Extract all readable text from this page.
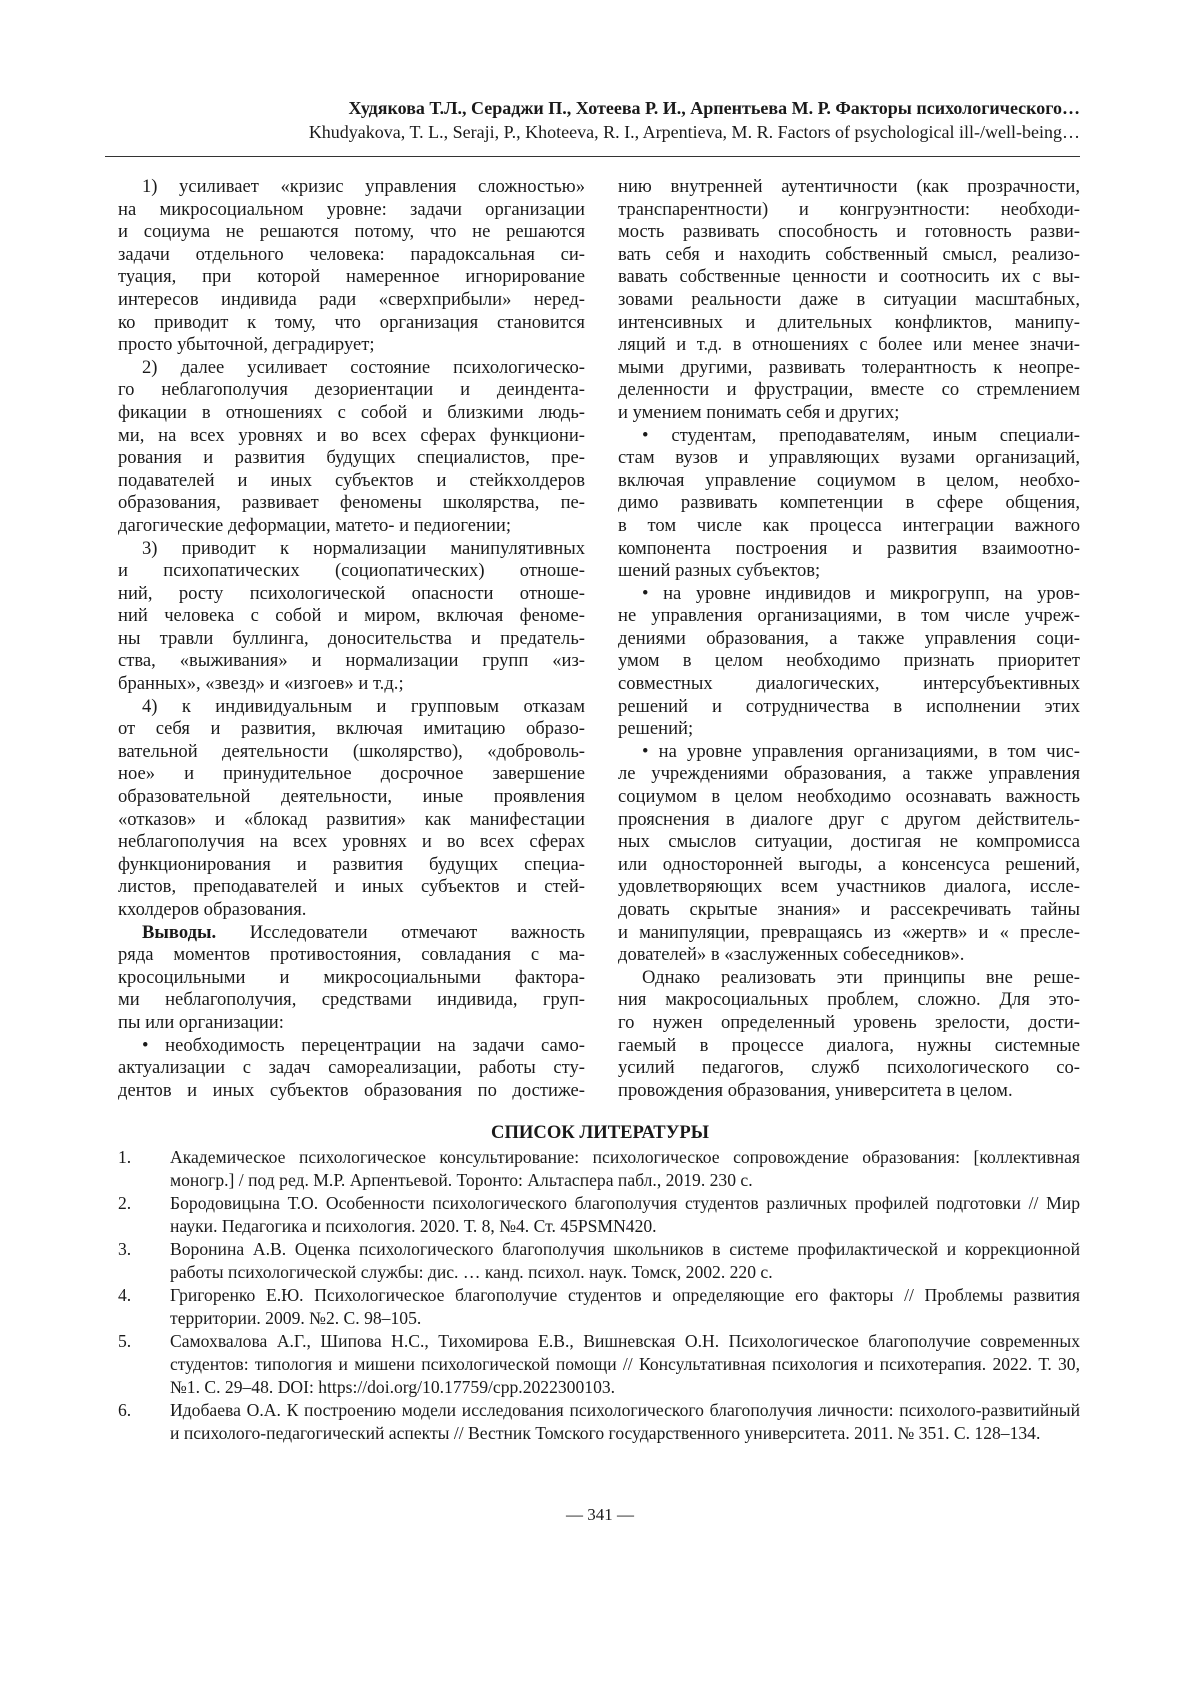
Худякова Т.Л., Сераджи П., Хотеева Р. И., Арпентьева М. Р. Факторы психологического…
Khudyakova, T. L., Seraji, P., Khoteeva, R. I., Arpentieva, M. R. Factors of psychological ill-/well-being…
1) усиливает «кризис управления сложностью»
на микросоциальном уровне: задачи организации
и социума не решаются потому, что не решаются
задачи отдельного человека: парадоксальная си-
туация, при которой намеренное игнорирование
интересов индивида ради «сверхприбыли» неред-
ко приводит к тому, что организация становится
просто убыточной, деградирует;
2) далее усиливает состояние психологическо-
го неблагополучия дезориентации и деиндента-
фикации в отношениях с собой и близкими людь-
ми, на всех уровнях и во всех сферах функциони-
рования и развития будущих специалистов, пре-
подавателей и иных субъектов и стейкхолдеров
образования, развивает феномены школярства, пе-
дагогические деформации, матето- и педиогении;
3) приводит к нормализации манипулятивных
и психопатических (социопатических) отноше-
ний, росту психологической опасности отноше-
ний человека с собой и миром, включая феноме-
ны травли буллинга, доносительства и предатель-
ства, «выживания» и нормализации групп «из-
бранных», «звезд» и «изгоев» и т.д.;
4) к индивидуальным и групповым отказам
от себя и развития, включая имитацию образо-
вательной деятельности (школярство), «доброволь-
ное» и принудительное досрочное завершение
образовательной деятельности, иные проявления
«отказов» и «блокад развития» как манифестации
неблагополучия на всех уровнях и во всех сферах
функционирования и развития будущих специа-
листов, преподавателей и иных субъектов и стей-
кхолдеров образования.
Выводы. Исследователи отмечают важность
ряда моментов противостояния, совладания с ма-
кросоцильными и микросоциальными фактора-
ми неблагополучия, средствами индивида, груп-
пы или организации:
• необходимость перецентрации на задачи само-
актуализации с задач самореализации, работы сту-
дентов и иных субъектов образования по достиже-
нию внутренней аутентичности (как прозрачности,
транспарентности) и конгруэнтности: необходи-
мость развивать способность и готовность разви-
вать себя и находить собственный смысл, реализо-
вавать собственные ценности и соотносить их с вы-
зовами реальности даже в ситуации масштабных,
интенсивных и длительных конфликтов, манипу-
ляций и т.д. в отношениях с более или менее значи-
мыми другими, развивать толерантность к неопре-
деленности и фрустрации, вместе со стремлением
и умением понимать себя и других;
• студентам, преподавателям, иным специали-
стам вузов и управляющих вузами организаций,
включая управление социумом в целом, необхо-
димо развивать компетенции в сфере общения,
в том числе как процесса интеграции важного
компонента построения и развития взаимоотно-
шений разных субъектов;
• на уровне индивидов и микрогрупп, на уров-
не управления организациями, в том числе учреж-
дениями образования, а также управления соци-
умом в целом необходимо признать приоритет
совместных диалогических, интерсубъективных
решений и сотрудничества в исполнении этих
решений;
• на уровне управления организациями, в том чис-
ле учреждениями образования, а также управления
социумом в целом необходимо осознавать важность
прояснения в диалоге друг с другом действитель-
ных смыслов ситуации, достигая не компромисса
или односторонней выгоды, а консенсуса решений,
удовлетворяющих всем участников диалога, иссле-
довать скрытые знания» и рассекречивать тайны
и манипуляции, превращаясь из «жертв» и « пресле-
дователей» в «заслуженных собеседников».
Однако реализовать эти принципы вне реше-
ния макросоциальных проблем, сложно. Для это-
го нужен определенный уровень зрелости, дости-
гаемый в процессе диалога, нужны системные
усилий педагогов, служб психологического со-
провождения образования, университета в целом.
СПИСОК ЛИТЕРАТУРЫ
1.	Академическое психологическое консультирование: психологическое сопровождение образования: [коллективная моногр.] / под ред. М.Р. Арпентьевой. Торонто: Альтаспера пабл., 2019. 230 с.
2.	Бородовицына Т.О. Особенности психологического благополучия студентов различных профилей подготовки // Мир науки. Педагогика и психология. 2020. Т. 8, №4. Ст. 45PSMN420.
3.	Воронина А.В. Оценка психологического благополучия школьников в системе профилактической и коррекционной работы психологической службы: дис. … канд. психол. наук. Томск, 2002. 220 с.
4.	Григоренко Е.Ю. Психологическое благополучие студентов и определяющие его факторы // Проблемы развития территории. 2009. №2. С. 98–105.
5.	Самохвалова А.Г., Шипова Н.С., Тихомирова Е.В., Вишневская О.Н. Психологическое благополучие современных студентов: типология и мишени психологической помощи // Консультативная психология и психотерапия. 2022. Т. 30, №1. С. 29–48. DOI: https://doi.org/10.17759/cpp.2022300103.
6.	Идобаева О.А. К построению модели исследования психологического благополучия личности: психолого-развитийный и психолого-педагогический аспекты // Вестник Томского государственного университета. 2011. № 351. С. 128–134.
— 341 —
